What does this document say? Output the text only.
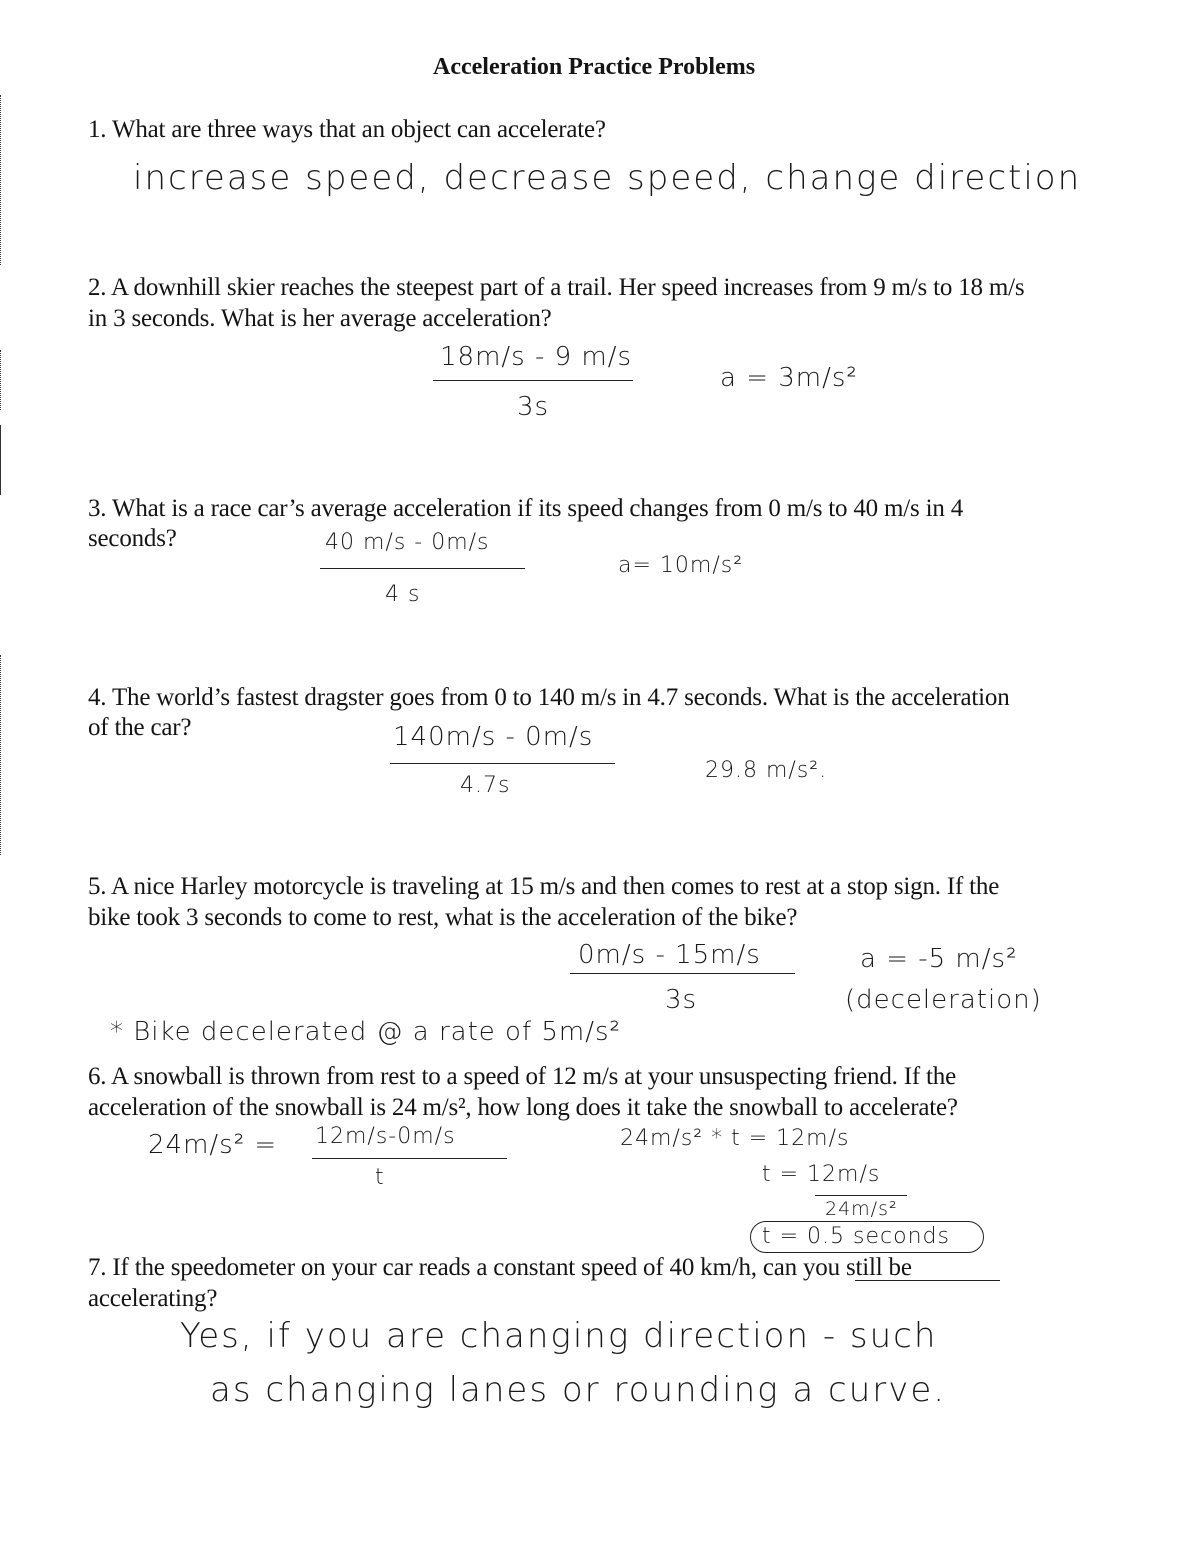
Acceleration Practice Problems
1. What are three ways that an object can accelerate?
increase speed, decrease speed, change direction
2. A downhill skier reaches the steepest part of a trail. Her speed increases from 9 m/s to 18 m/s
in 3 seconds. What is her average acceleration?
18m/s - 9 m/s
3s
a = 3m/s²
3. What is a race car’s average acceleration if its speed changes from 0 m/s to 40 m/s in 4
seconds?	40 m/s - 0m/s
4 s
a= 10m/s²
4. The world’s fastest dragster goes from 0 to 140 m/s in 4.7 seconds. What is the acceleration
of the car?	140m/s - 0m/s
4.7s
29.8 m/s².
5. A nice Harley motorcycle is traveling at 15 m/s and then comes to rest at a stop sign. If the
bike took 3 seconds to come to rest, what is the acceleration of the bike?
0m/s - 15m/s
3s
a = -5 m/s²
(deceleration)
* Bike decelerated @ a rate of 5m/s²
6. A snowball is thrown from rest to a speed of 12 m/s at your unsuspecting friend. If the
acceleration of the snowball is 24 m/s², how long does it take the snowball to accelerate?
24m/s² = 12m/s-0m/s
t
24m/s² * t = 12m/s
t = 12m/s
24m/s²
t = 0.5 seconds
7. If the speedometer on your car reads a constant speed of 40 km/h, can you still be
accelerating?
Yes, if you are changing direction - such
as changing lanes or rounding a curve.
